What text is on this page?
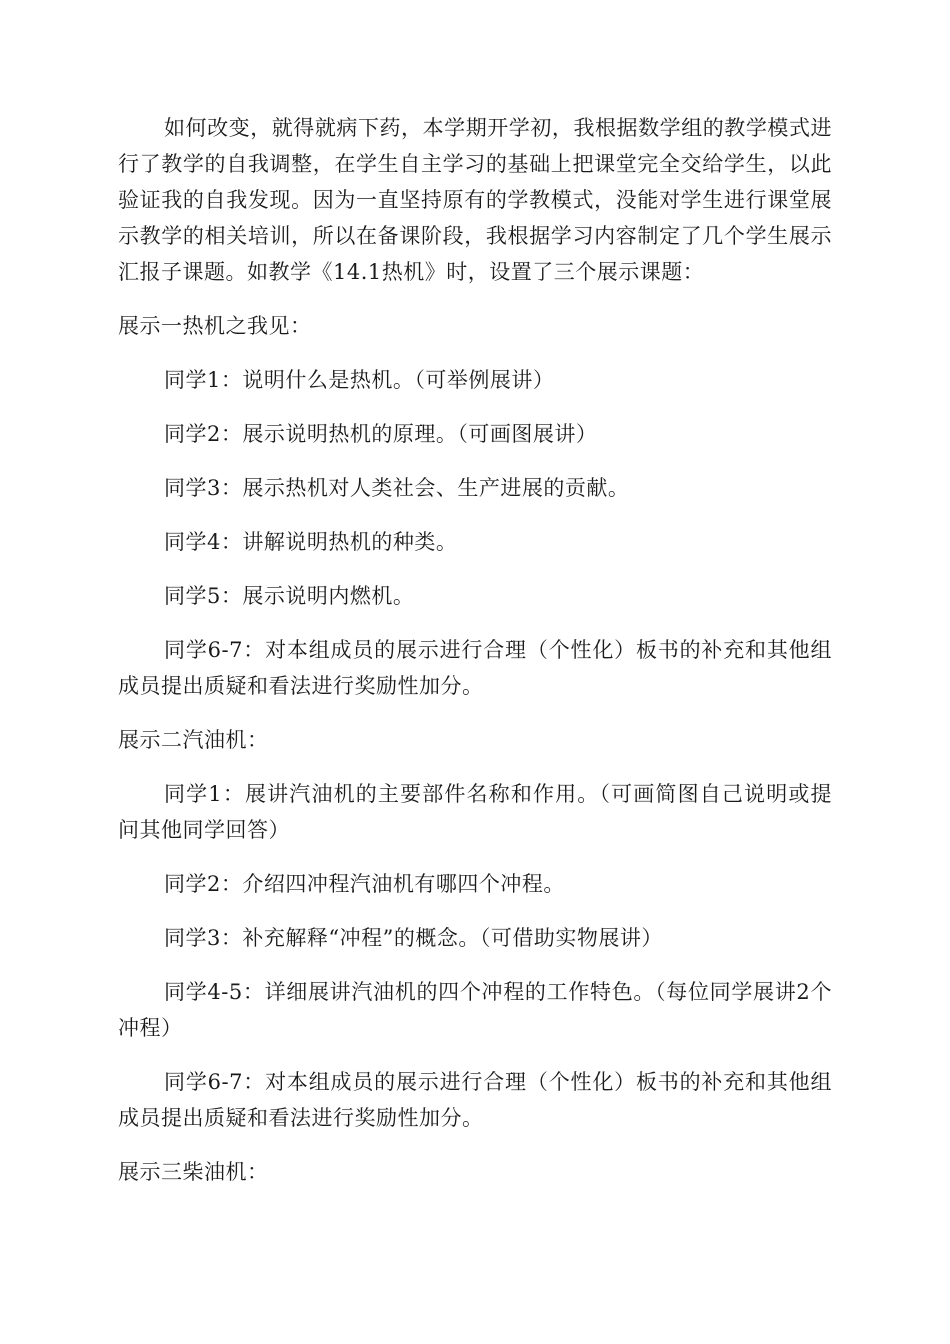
如何改变，就得就病下药，本学期开学初，我根据数学组的教学模式进行了教学的自我调整，在学生自主学习的基础上把课堂完全交给学生，以此验证我的自我发现。因为一直坚持原有的学教模式，没能对学生进行课堂展示教学的相关培训，所以在备课阶段，我根据学习内容制定了几个学生展示汇报子课题。如教学《14.1热机》时，设置了三个展示课题：

展示一热机之我见：

同学1：说明什么是热机。（可举例展讲）

同学2：展示说明热机的原理。（可画图展讲）

同学3：展示热机对人类社会、生产进展的贡献。

同学4：讲解说明热机的种类。

同学5：展示说明内燃机。

同学6-7：对本组成员的展示进行合理（个性化）板书的补充和其他组成员提出质疑和看法进行奖励性加分。

展示二汽油机：

同学1：展讲汽油机的主要部件名称和作用。（可画简图自己说明或提问其他同学回答）

同学2：介绍四冲程汽油机有哪四个冲程。

同学3：补充解释“冲程”的概念。（可借助实物展讲）

同学4-5：详细展讲汽油机的四个冲程的工作特色。（每位同学展讲2个冲程）

同学6-7：对本组成员的展示进行合理（个性化）板书的补充和其他组成员提出质疑和看法进行奖励性加分。

展示三柴油机：
